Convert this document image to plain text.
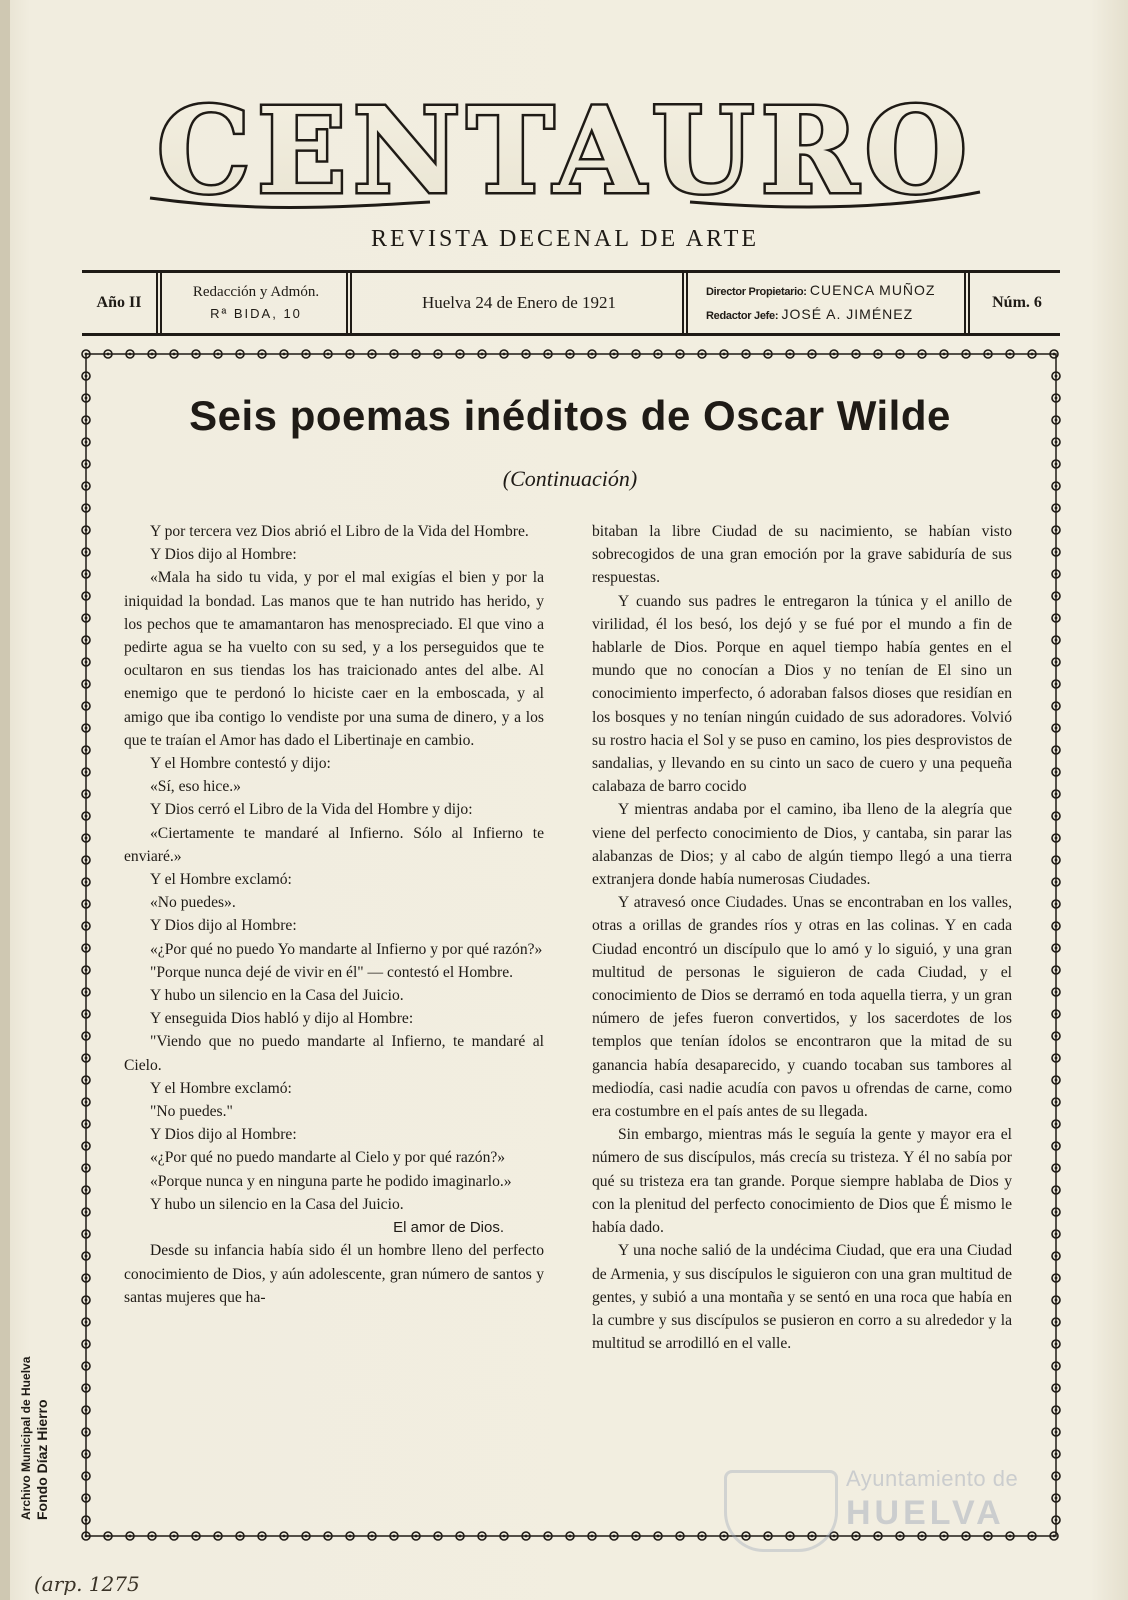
CENTAURO
REVISTA DECENAL DE ARTE
Año II
Redacción y Admón.
Rª BIDA, 10
Huelva 24 de Enero de 1921
Director Propietario: CUENCA MUÑOZ
Redactor Jefe: JOSÉ A. JIMÉNEZ
Núm. 6
Seis poemas inéditos de Oscar Wilde
(Continuación)

Y por tercera vez Dios abrió el Libro de la Vida del Hombre.

Y Dios dijo al Hombre:

«Mala ha sido tu vida, y por el mal exigías el bien y por la iniquidad la bondad. Las manos que te han nutrido has herido, y los pechos que te amamantaron has menospreciado. El que vino a pedirte agua se ha vuelto con su sed, y a los perseguidos que te ocultaron en sus tiendas los has traicionado antes del albe. Al enemigo que te perdonó lo hiciste caer en la emboscada, y al amigo que iba contigo lo vendiste por una suma de dinero, y a los que te traían el Amor has dado el Libertinaje en cambio.

Y el Hombre contestó y dijo:

«Sí, eso hice.»

Y Dios cerró el Libro de la Vida del Hombre y dijo:

«Ciertamente te mandaré al Infierno. Sólo al Infierno te enviaré.»

Y el Hombre exclamó:

«No puedes».

Y Dios dijo al Hombre:

«¿Por qué no puedo Yo mandarte al Infierno y por qué razón?»

"Porque nunca dejé de vivir en él" — contestó el Hombre.

Y hubo un silencio en la Casa del Juicio.

Y enseguida Dios habló y dijo al Hombre:

"Viendo que no puedo mandarte al Infierno, te mandaré al Cielo.

Y el Hombre exclamó:

"No puedes."

Y Dios dijo al Hombre:

«¿Por qué no puedo mandarte al Cielo y por qué razón?»

«Porque nunca y en ninguna parte he podido imaginarlo.»

Y hubo un silencio en la Casa del Juicio.

El amor de Dios.

Desde su infancia había sido él un hombre lleno del perfecto conocimiento de Dios, y aún adolescente, gran número de santos y santas mujeres que ha-

bitaban la libre Ciudad de su nacimiento, se habían visto sobrecogidos de una gran emoción por la grave sabiduría de sus respuestas.

Y cuando sus padres le entregaron la túnica y el anillo de virilidad, él los besó, los dejó y se fué por el mundo a fin de hablarle de Dios. Porque en aquel tiempo había gentes en el mundo que no conocían a Dios y no tenían de El sino un conocimiento imperfecto, ó adoraban falsos dioses que residían en los bosques y no tenían ningún cuidado de sus adoradores. Volvió su rostro hacia el Sol y se puso en camino, los pies desprovistos de sandalias, y llevando en su cinto un saco de cuero y una pequeña calabaza de barro cocido

Y mientras andaba por el camino, iba lleno de la alegría que viene del perfecto conocimiento de Dios, y cantaba, sin parar las alabanzas de Dios; y al cabo de algún tiempo llegó a una tierra extranjera donde había numerosas Ciudades.

Y atravesó once Ciudades. Unas se encontraban en los valles, otras a orillas de grandes ríos y otras en las colinas. Y en cada Ciudad encontró un discípulo que lo amó y lo siguió, y una gran multitud de personas le siguieron de cada Ciudad, y el conocimiento de Dios se derramó en toda aquella tierra, y un gran número de jefes fueron convertidos, y los sacerdotes de los templos que tenían ídolos se encontraron que la mitad de su ganancia había desaparecido, y cuando tocaban sus tambores al mediodía, casi nadie acudía con pavos u ofrendas de carne, como era costumbre en el país antes de su llegada.

Sin embargo, mientras más le seguía la gente y mayor era el número de sus discípulos, más crecía su tristeza. Y él no sabía por qué su tristeza era tan grande. Porque siempre hablaba de Dios y con la plenitud del perfecto conocimiento de Dios que É mismo le había dado.

Y una noche salió de la undécima Ciudad, que era una Ciudad de Armenia, y sus discípulos le siguieron con una gran multitud de gentes, y subió a una montaña y se sentó en una roca que había en la cumbre y sus discípulos se pusieron en corro a su alrededor y la multitud se arrodilló en el valle.

Archivo Municipal de Huelva Fondo Díaz Hierro
(arp. 1275
Ayuntamiento de
HUELVA
